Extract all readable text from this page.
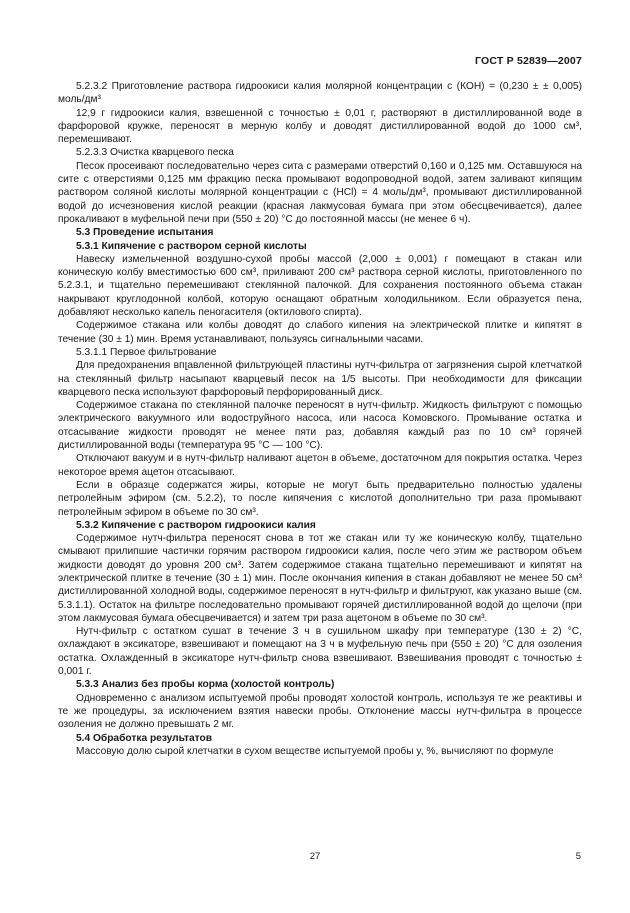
ГОСТ Р 52839—2007

5.2.3.2 Приготовление раствора гидроокиси калия молярной концентрации c (КОН) = (0,230 ± ± 0,005) моль/дм³

12,9 г гидроокиси калия, взвешенной с точностью ± 0,01 г, растворяют в дистиллированной воде в фарфоровой кружке, переносят в мерную колбу и доводят дистиллированной водой до 1000 см³, перемешивают.

5.2.3.3 Очистка кварцевого песка

Песок просеивают последовательно через сита с размерами отверстий 0,160 и 0,125 мм. Оставшуюся на сите с отверстиями 0,125 мм фракцию песка промывают водопроводной водой, затем заливают кипящим раствором соляной кислоты молярной концентрации c (HCl) = 4 моль/дм³, промывают дистиллированной водой до исчезновения кислой реакции (красная лакмусовая бумага при этом обесцвечивается), далее прокаливают в муфельной печи при (550 ± 20) °С до постоянной массы (не менее 6 ч).

5.3 Проведение испытания

5.3.1 Кипячение с раствором серной кислоты

Навеску измельченной воздушно-сухой пробы массой (2,000 ± 0,001) г помещают в стакан или коническую колбу вместимостью 600 см³, приливают 200 см³ раствора серной кислоты, приготовленного по 5.2.3.1, и тщательно перемешивают стеклянной палочкой. Для сохранения постоянного объема стакан накрывают круглодонной колбой, которую оснащают обратным холодильником. Если образуется пена, добавляют несколько капель пеногасителя (октилового спирта).

Содержимое стакана или колбы доводят до слабого кипения на электрической плитке и кипятят в течение (30 ± 1) мин. Время устанавливают, пользуясь сигнальными часами.

5.3.1.1 Первое фильтрование

Для предохранения впլавленной фильтрующей пластины нутч-фильтра от загрязнения сырой клетчаткой на стеклянный фильтр насыпают кварцевый песок на 1/5 высоты. При необходимости для фиксации кварцевого песка используют фарфоровый перфорированный диск.

Содержимое стакана по стеклянной палочке переносят в нутч-фильтр. Жидкость фильтруют с помощью электрического вакуумного или водоструйного насоса, или насоса Комовского. Промывание остатка и отсасывание жидкости проводят не менее пяти раз, добавляя каждый раз по 10 см³ горячей дистиллированной воды (температура 95 °С — 100 °С).

Отключают вакуум и в нутч-фильтр наливают ацетон в объеме, достаточном для покрытия остатка. Через некоторое время ацетон отсасывают.

Если в образце содержатся жиры, которые не могут быть предварительно полностью удалены петролейным эфиром (см. 5.2.2), то после кипячения с кислотой дополнительно три раза промывают петролейным эфиром в объеме по 30 см³.

5.3.2 Кипячение с раствором гидроокиси калия

Содержимое нутч-фильтра переносят снова в тот же стакан или ту же коническую колбу, тщательно смывают прилипшие частички горячим раствором гидроокиси калия, после чего этим же раствором объем жидкости доводят до уровня 200 см³. Затем содержимое стакана тщательно перемешивают и кипятят на электрической плитке в течение (30 ± 1) мин. После окончания кипения в стакан добавляют не менее 50 см³ дистиллированной холодной воды, содержимое переносят в нутч-фильтр и фильтруют, как указано выше (см. 5.3.1.1). Остаток на фильтре последовательно промывают горячей дистиллированной водой до щелочи (при этом лакмусовая бумага обесцвечивается) и затем три раза ацетоном в объеме по 30 см³.

Нутч-фильтр с остатком сушат в течение 3 ч в сушильном шкафу при температуре (130 ± 2) °С, охлаждают в эксикаторе, взвешивают и помещают на 3 ч в муфельную печь при (550 ± 20) °С для озоления остатка. Охлажденный в эксикаторе нутч-фильтр снова взвешивают. Взвешивания проводят с точностью ± 0,001 г.

5.3.3 Анализ без пробы корма (холостой контроль)

Одновременно с анализом испытуемой пробы проводят холостой контроль, используя те же реактивы и те же процедуры, за исключением взятия навески пробы. Отклонение массы нутч-фильтра в процессе озоления не должно превышать 2 мг.

5.4 Обработка результатов

Массовую долю сырой клетчатки в сухом веществе испытуемой пробы y, %, вычисляют по формуле

27	5
